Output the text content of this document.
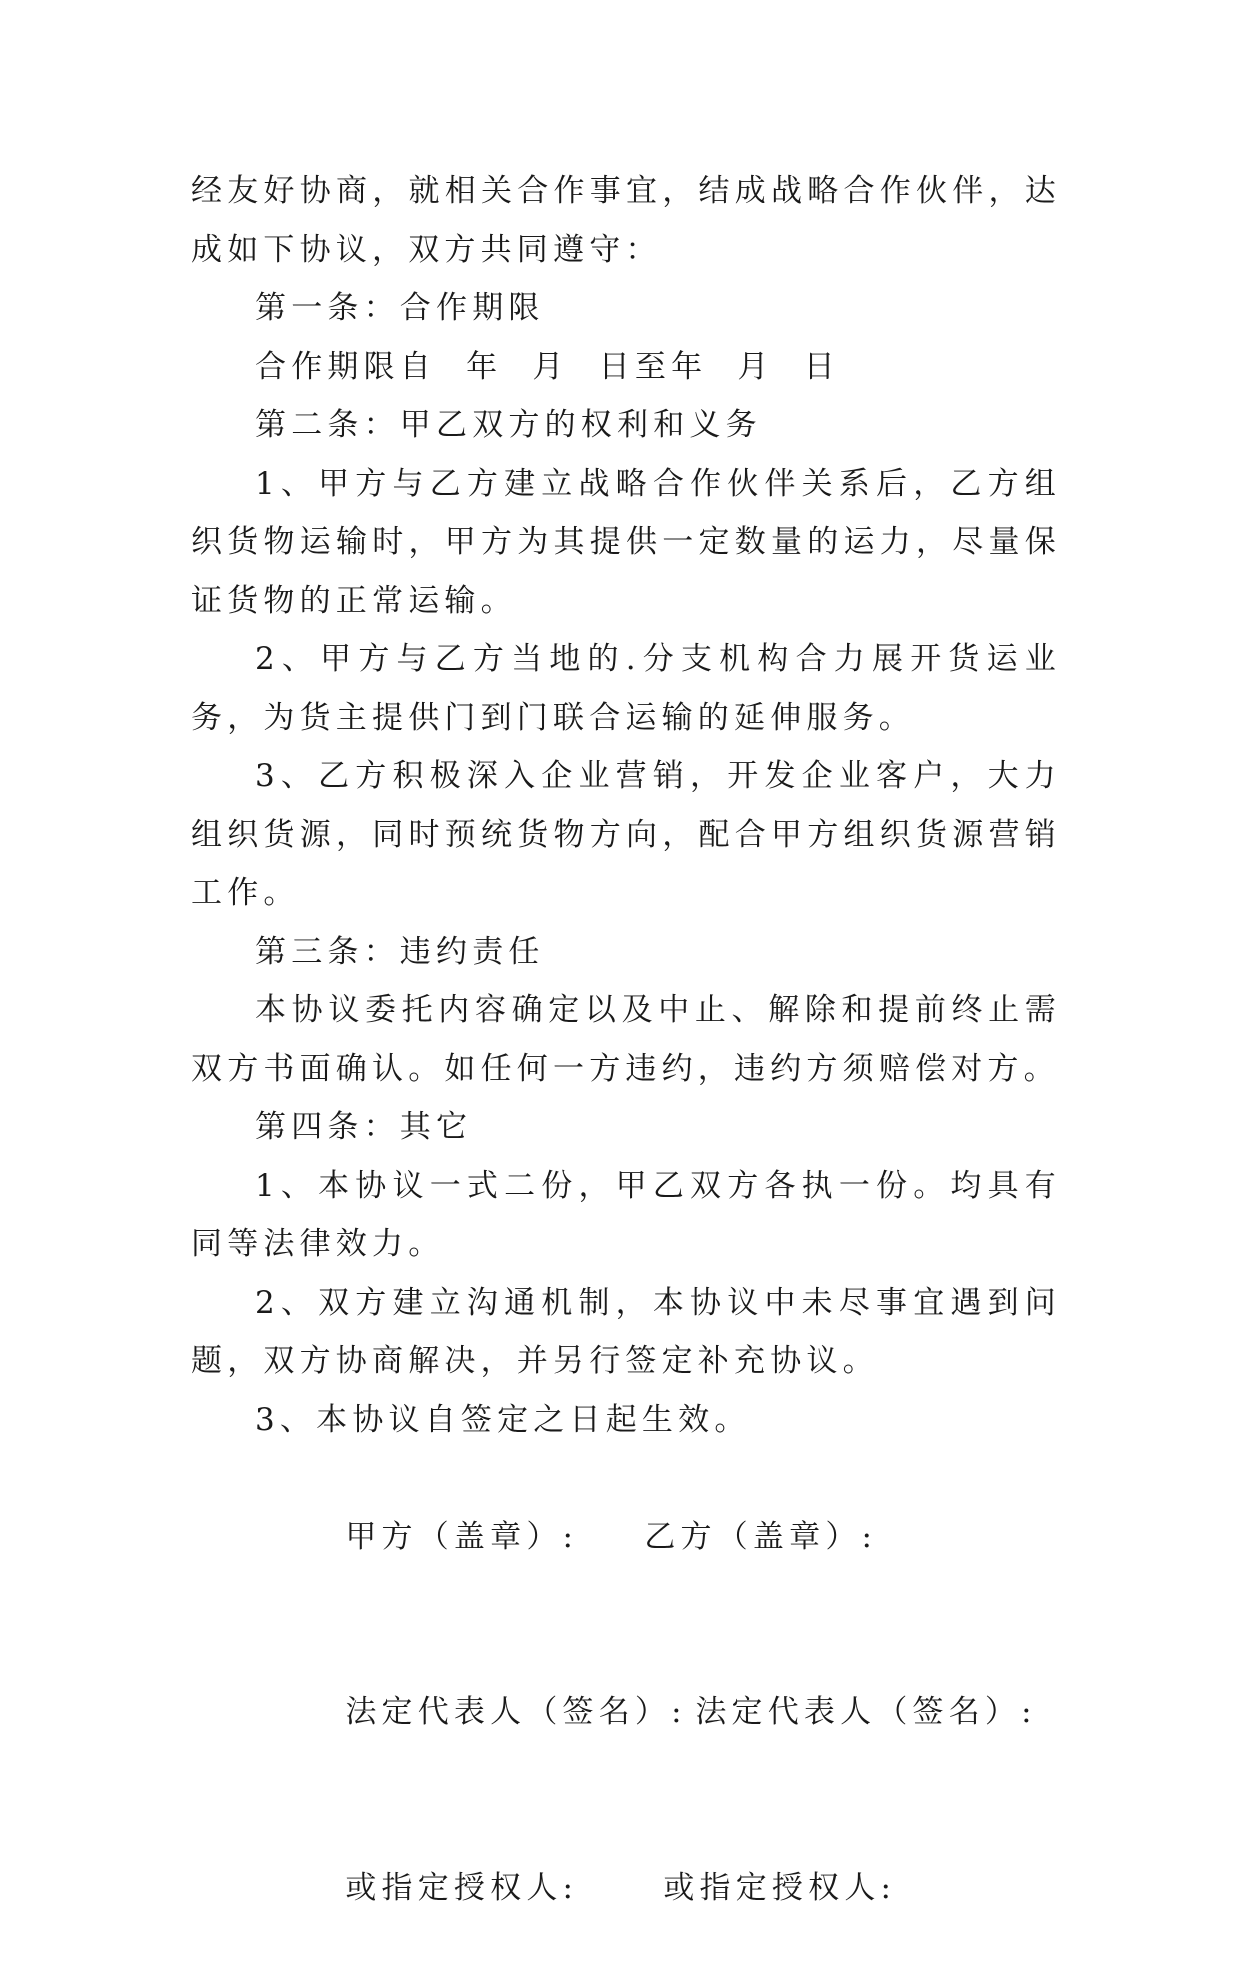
经友好协商，就相关合作事宜，结成战略合作伙伴，达成如下协议，双方共同遵守：

第一条：合作期限

合作期限自  年  月  日至年  月  日

第二条：甲乙双方的权利和义务

1、甲方与乙方建立战略合作伙伴关系后，乙方组织货物运输时，甲方为其提供一定数量的运力，尽量保证货物的正常运输。

2、甲方与乙方当地的.分支机构合力展开货运业务，为货主提供门到门联合运输的延伸服务。

3、乙方积极深入企业营销，开发企业客户，大力组织货源，同时预统货物方向，配合甲方组织货源营销工作。

第三条：违约责任

本协议委托内容确定以及中止、解除和提前终止需双方书面确认。如任何一方违约，违约方须赔偿对方。

第四条：其它

1、本协议一式二份，甲乙双方各执一份。均具有同等法律效力。

2、双方建立沟通机制，本协议中未尽事宜遇到问题，双方协商解决，并另行签定补充协议。

3、本协议自签定之日起生效。

甲方（盖章）: 乙方（盖章）:

法定代表人（签名）: 法定代表人（签名）:

或指定授权人:	或指定授权人:
